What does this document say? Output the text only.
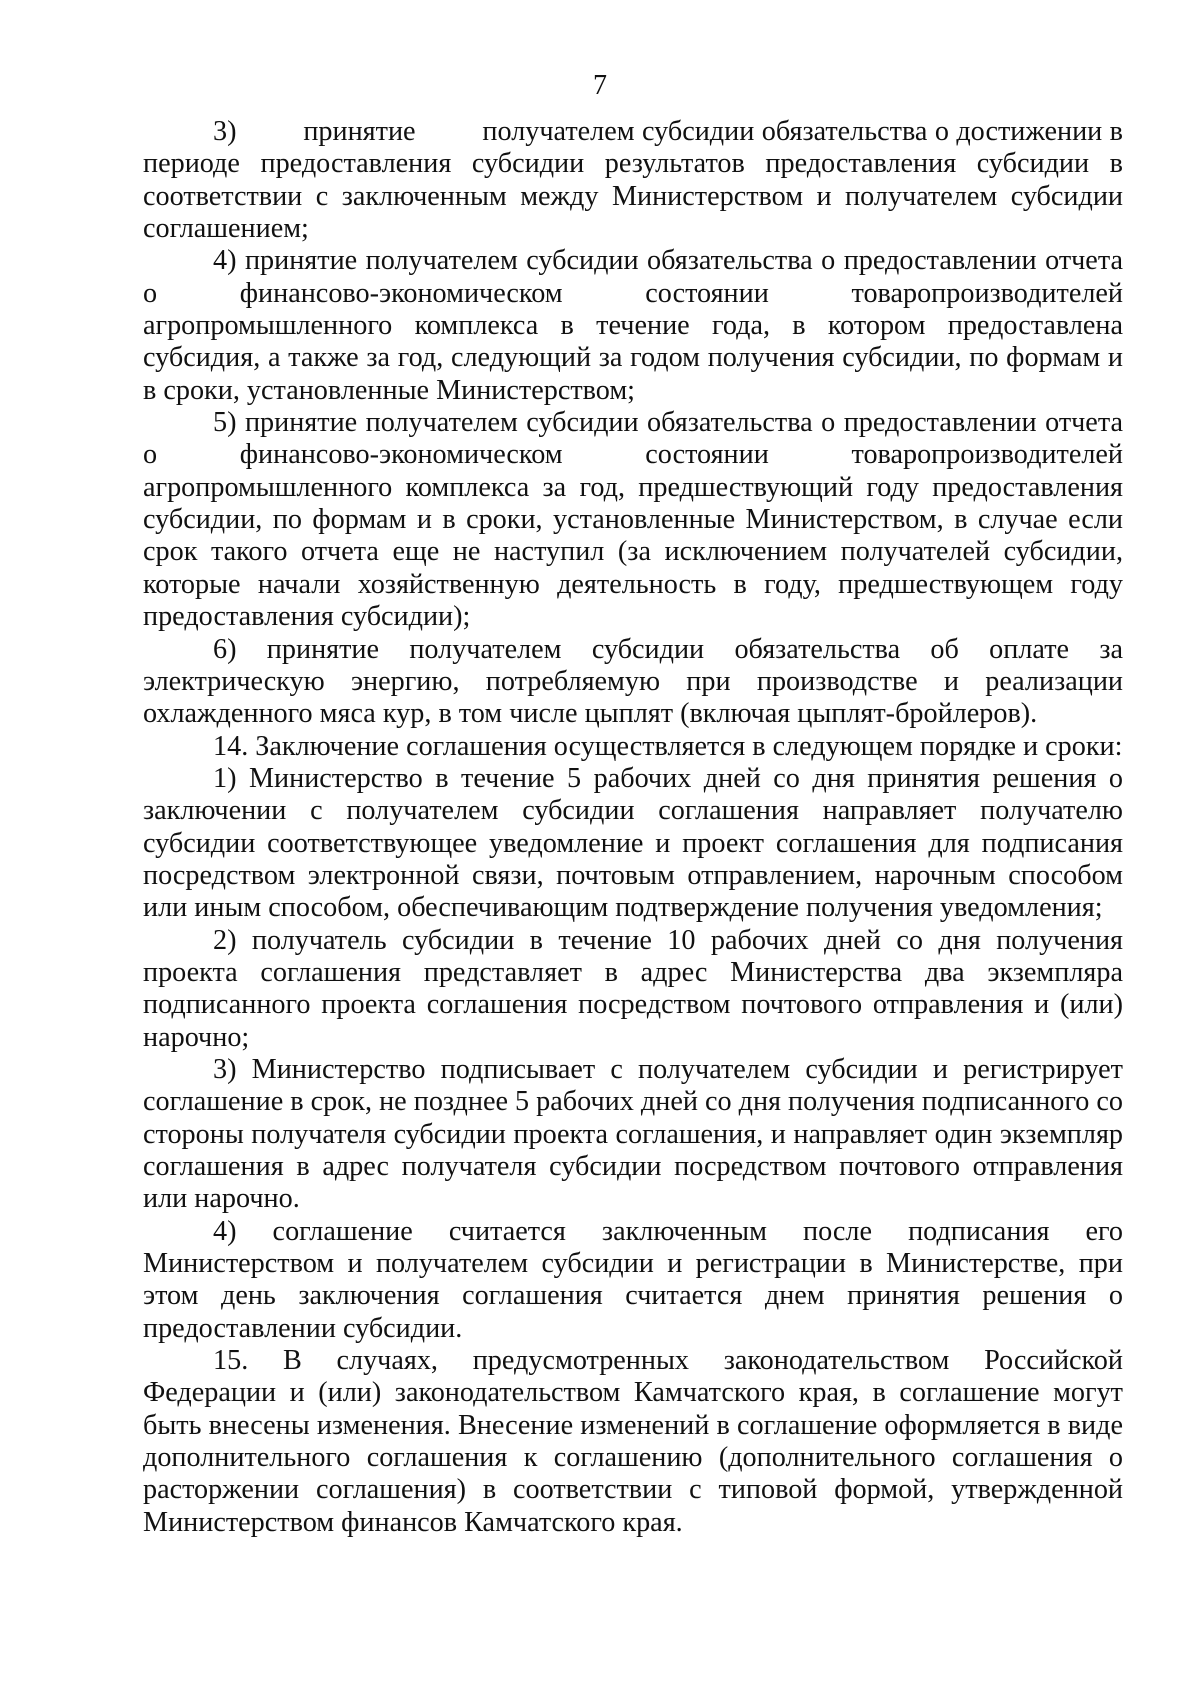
7

3)         принятие         получателем субсидии обязательства о достижении в периоде предоставления субсидии результатов предоставления субсидии в соответствии с заключенным между Министерством и получателем субсидии соглашением;

4) принятие получателем субсидии обязательства о предоставлении отчета о финансово-экономическом состоянии товаропроизводителей агропромышленного комплекса в течение года, в котором предоставлена субсидия, а также за год, следующий за годом получения субсидии, по формам и в сроки, установленные Министерством;

5) принятие получателем субсидии обязательства о предоставлении отчета о финансово-экономическом состоянии товаропроизводителей агропромышленного комплекса за год, предшествующий году предоставления субсидии, по формам и в сроки, установленные Министерством, в случае если срок такого отчета еще не наступил (за исключением получателей субсидии, которые начали хозяйственную деятельность в году, предшествующем году предоставления субсидии);

6) принятие получателем субсидии обязательства об оплате за электрическую энергию, потребляемую при производстве и реализации охлажденного мяса кур, в том числе цыплят (включая цыплят-бройлеров).

14. Заключение соглашения осуществляется в следующем порядке и сроки:

1) Министерство в течение 5 рабочих дней со дня принятия решения о заключении с получателем субсидии соглашения направляет получателю субсидии соответствующее уведомление и проект соглашения для подписания посредством электронной связи, почтовым отправлением, нарочным способом или иным способом, обеспечивающим подтверждение получения уведомления;

2) получатель субсидии в течение 10 рабочих дней со дня получения проекта соглашения представляет в адрес Министерства два экземпляра подписанного проекта соглашения посредством почтового отправления и (или) нарочно;

3) Министерство подписывает с получателем субсидии и регистрирует соглашение в срок, не позднее 5 рабочих дней со дня получения подписанного со стороны получателя субсидии проекта соглашения, и направляет один экземпляр соглашения в адрес получателя субсидии посредством почтового отправления или нарочно.

4) соглашение считается заключенным после подписания его Министерством и получателем субсидии и регистрации в Министерстве, при этом день заключения соглашения считается днем принятия решения о предоставлении субсидии.

15. В случаях, предусмотренных законодательством Российской Федерации и (или) законодательством Камчатского края, в соглашение могут быть внесены изменения. Внесение изменений в соглашение оформляется в виде дополнительного соглашения к соглашению (дополнительного соглашения о расторжении соглашения) в соответствии с типовой формой, утвержденной Министерством финансов Камчатского края.
